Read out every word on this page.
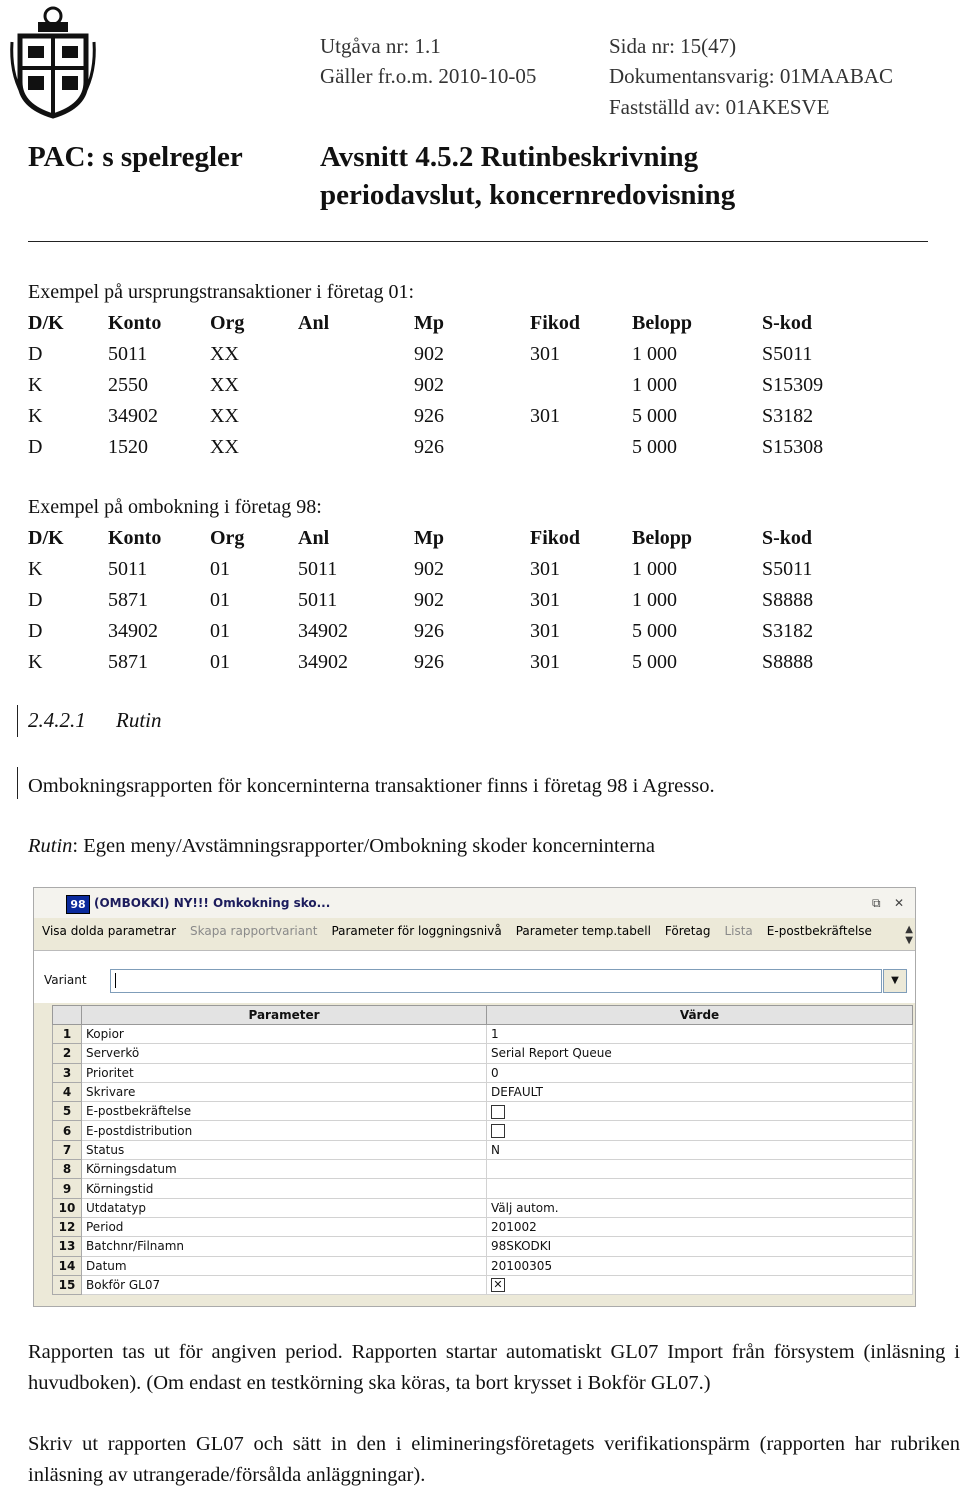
Utgåva nr: 1.1	Sida nr: 15(47)
Gäller fr.o.m. 2010-10-05	Dokumentansvarig: 01MAABAC
Fastställd av: 01AKESVE
PAC: s spelregler	Avsnitt 4.5.2 Rutinbeskrivning
periodavslut, koncernredovisning
Exempel på ursprungstransaktioner i företag 01:
D/K	Konto	Org	Anl	Mp	Fikod	Belopp	S-kod
D	5011	XX		902	301	1 000	S5011
K	2550	XX		902		1 000	S15309
K	34902	XX		926	301	5 000	S3182
D	1520	XX		926		5 000	S15308
Exempel på ombokning i företag 98:
D/K	Konto	Org	Anl	Mp	Fikod	Belopp	S-kod
K	5011	01	5011	902	301	1 000	S5011
D	5871	01	5011	902	301	1 000	S8888
D	34902	01	34902	926	301	5 000	S3182
K	5871	01	34902	926	301	5 000	S8888
2.4.2.1 Rutin
Ombokningsrapporten för koncerninterna transaktioner finns i företag 98 i Agresso.
Rutin: Egen meny/Avstämningsrapporter/Ombokning skoder koncerninterna
98 (OMBOKKI) NY!!! Omkokning sko...	⧉ ✕
Visa dolda parametrar Skapa rapportvariant Parameter för loggningsnivå Parameter temp.tabell Företag Lista E-postbekräftelse	▲
▼
Variant	▼
	Parameter	Värde
1	Kopior	1
2	Serverkö	Serial Report Queue
3	Prioritet	0
4	Skrivare	DEFAULT
5	E-postbekräftelse	
6	E-postdistribution	
7	Status	N
8	Körningsdatum	
9	Körningstid	
10	Utdatatyp	Välj autom.
12	Period	201002
13	Batchnr/Filnamn	98SKODKI
14	Datum	20100305
15	Bokför GL07	✕
Rapporten tas ut för angiven period. Rapporten startar automatiskt GL07 Import från försystem (inläsning i huvudboken). (Om endast en testkörning ska köras, ta bort krysset i Bokför GL07.)
Skriv ut rapporten GL07 och sätt in den i elimineringsföretagets verifikationspärm (rapporten har rubriken inläsning av utrangerade/försålda anläggningar).
